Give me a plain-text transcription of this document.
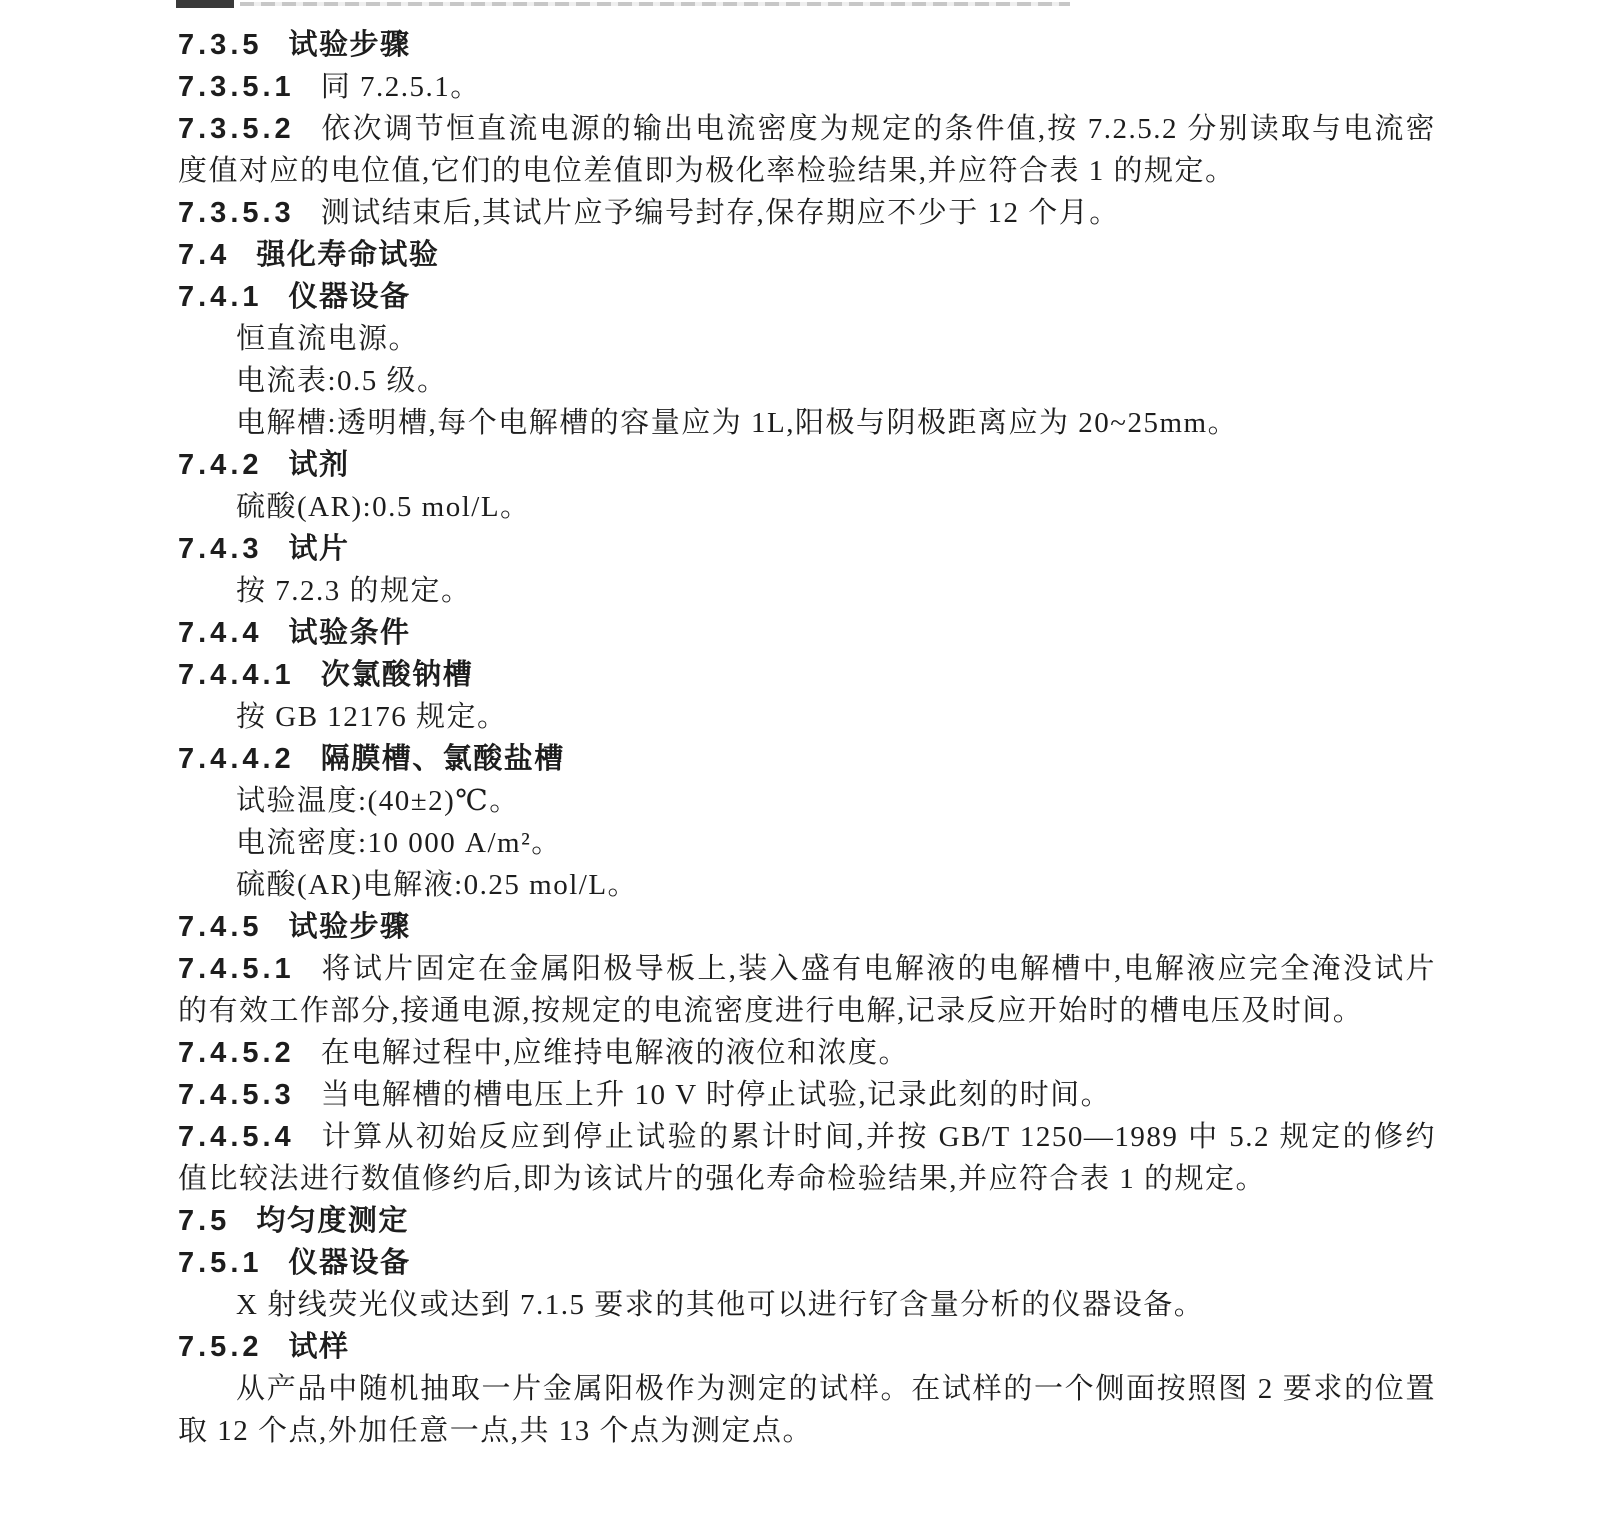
7.3.5 试验步骤

7.3.5.1 同 7.2.5.1。

7.3.5.2 依次调节恒直流电源的输出电流密度为规定的条件值,按 7.2.5.2 分别读取与电流密度值对应的电位值,它们的电位差值即为极化率检验结果,并应符合表 1 的规定。

7.3.5.3 测试结束后,其试片应予编号封存,保存期应不少于 12 个月。

7.4 强化寿命试验

7.4.1 仪器设备

恒直流电源。

电流表:0.5 级。

电解槽:透明槽,每个电解槽的容量应为 1L,阳极与阴极距离应为 20~25mm。

7.4.2 试剂

硫酸(AR):0.5 mol/L。

7.4.3 试片

按 7.2.3 的规定。

7.4.4 试验条件

7.4.4.1 次氯酸钠槽

按 GB 12176 规定。

7.4.4.2 隔膜槽、氯酸盐槽

试验温度:(40±2)℃。

电流密度:10 000 A/m²。

硫酸(AR)电解液:0.25 mol/L。

7.4.5 试验步骤

7.4.5.1 将试片固定在金属阳极导板上,装入盛有电解液的电解槽中,电解液应完全淹没试片的有效工作部分,接通电源,按规定的电流密度进行电解,记录反应开始时的槽电压及时间。

7.4.5.2 在电解过程中,应维持电解液的液位和浓度。

7.4.5.3 当电解槽的槽电压上升 10 V 时停止试验,记录此刻的时间。

7.4.5.4 计算从初始反应到停止试验的累计时间,并按 GB/T 1250—1989 中 5.2 规定的修约值比较法进行数值修约后,即为该试片的强化寿命检验结果,并应符合表 1 的规定。

7.5 均匀度测定

7.5.1 仪器设备

X 射线荧光仪或达到 7.1.5 要求的其他可以进行钌含量分析的仪器设备。

7.5.2 试样

从产品中随机抽取一片金属阳极作为测定的试样。在试样的一个侧面按照图 2 要求的位置取 12 个点,外加任意一点,共 13 个点为测定点。
